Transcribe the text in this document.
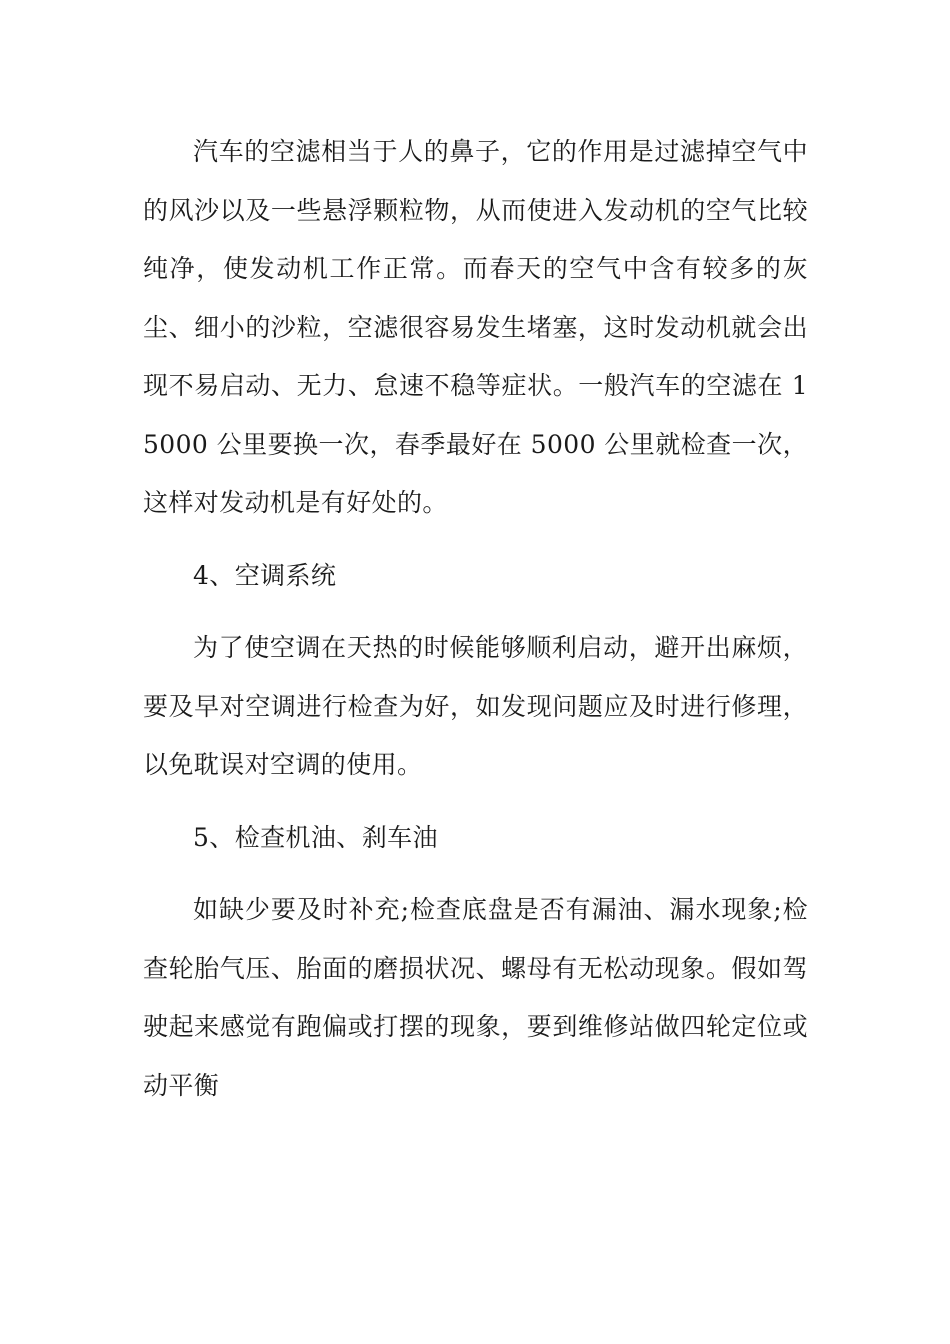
汽车的空滤相当于人的鼻子，它的作用是过滤掉空气中的风沙以及一些悬浮颗粒物，从而使进入发动机的空气比较纯净，使发动机工作正常。而春天的空气中含有较多的灰尘、细小的沙粒，空滤很容易发生堵塞，这时发动机就会出现不易启动、无力、怠速不稳等症状。一般汽车的空滤在 15000 公里要换一次，春季最好在 5000 公里就检查一次，这样对发动机是有好处的。

4、空调系统

为了使空调在天热的时候能够顺利启动，避开出麻烦，要及早对空调进行检查为好，如发现问题应及时进行修理，以免耽误对空调的使用。

5、检查机油、刹车油

如缺少要及时补充;检查底盘是否有漏油、漏水现象;检查轮胎气压、胎面的磨损状况、螺母有无松动现象。假如驾驶起来感觉有跑偏或打摆的现象，要到维修站做四轮定位或动平衡
